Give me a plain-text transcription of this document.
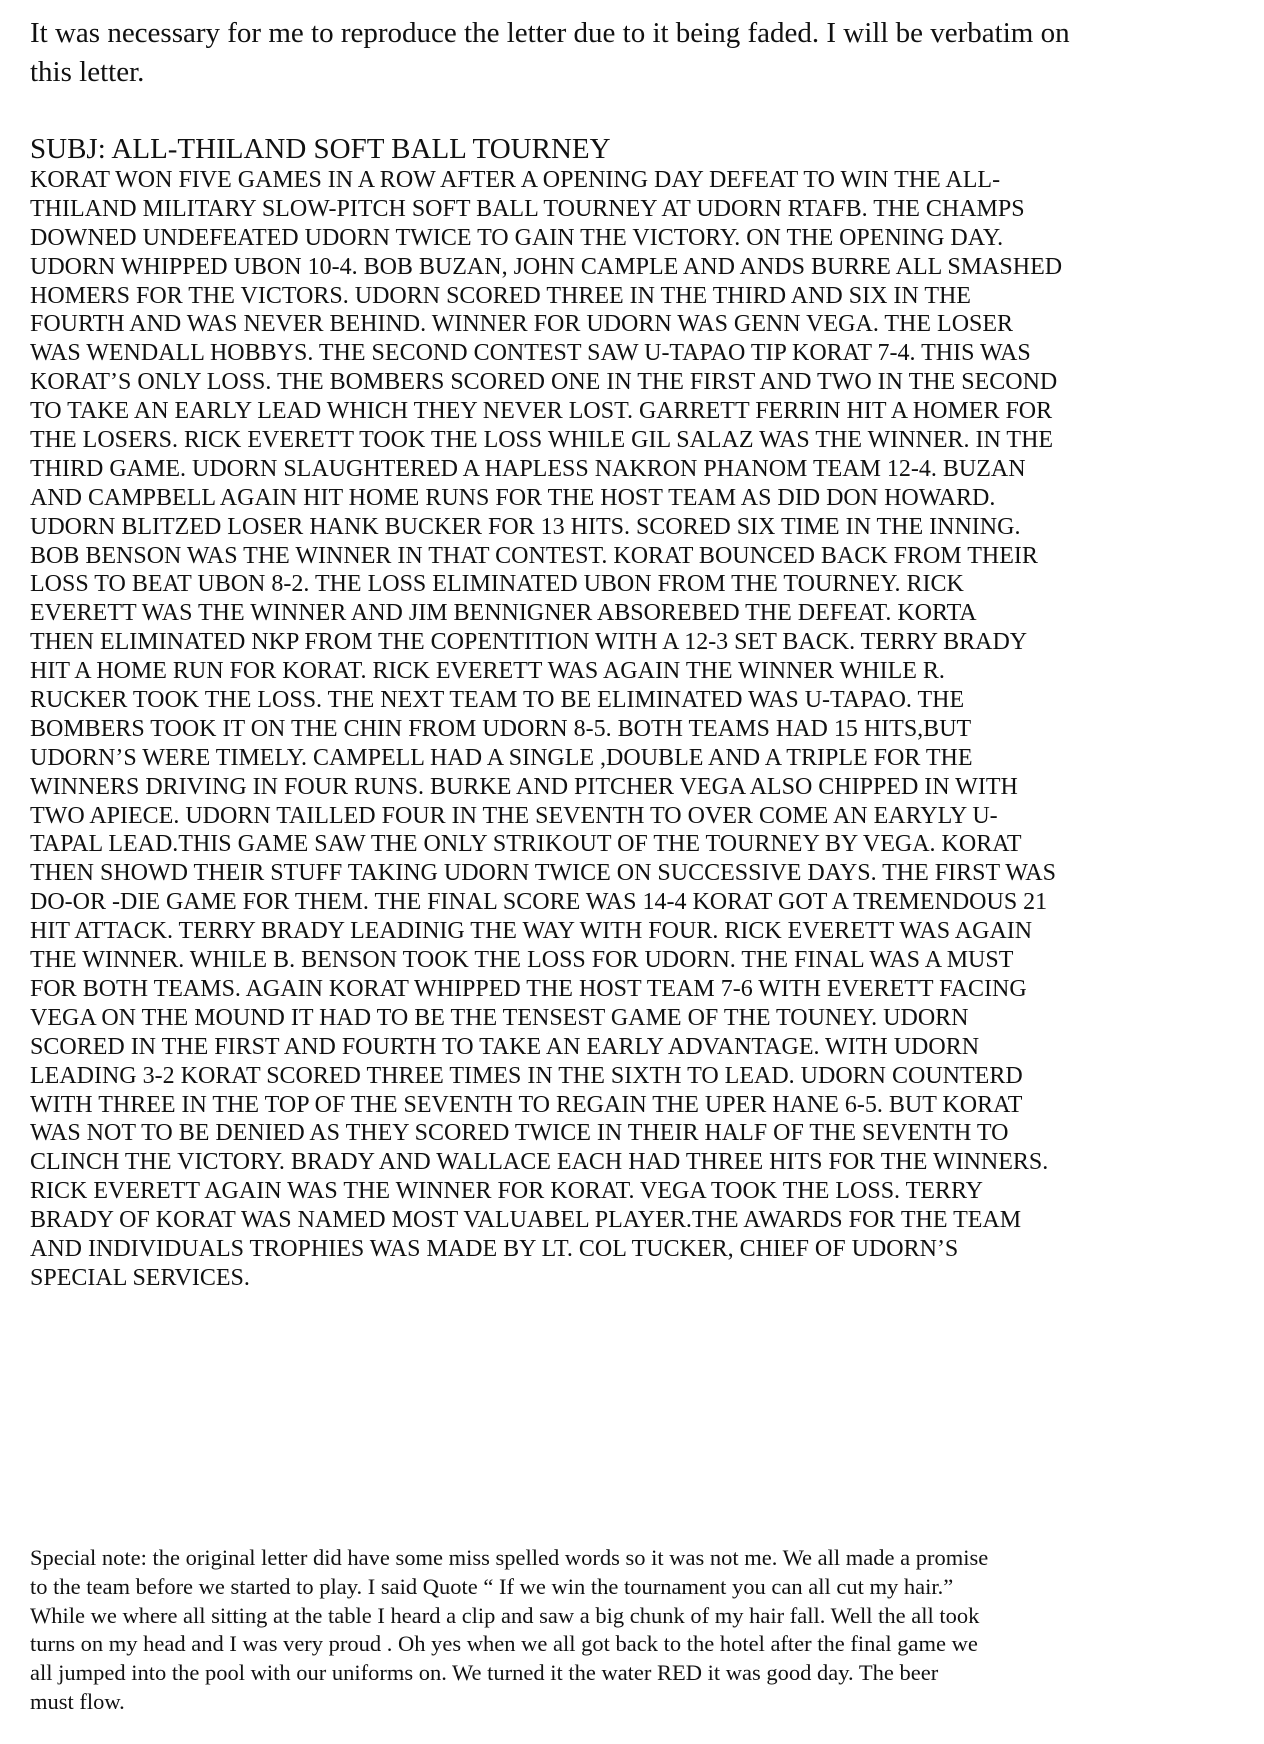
It was necessary for me to reproduce the letter due to it being faded. I will be verbatim on
this letter.

SUBJ: ALL-THILAND SOFT BALL TOURNEY

KORAT WON FIVE GAMES IN A ROW AFTER A OPENING DAY DEFEAT TO WIN THE ALL-
THILAND MILITARY SLOW-PITCH SOFT BALL TOURNEY AT UDORN RTAFB. THE CHAMPS
DOWNED UNDEFEATED UDORN TWICE TO GAIN THE VICTORY. ON THE OPENING DAY.
UDORN WHIPPED UBON 10-4. BOB BUZAN, JOHN CAMPLE AND ANDS BURRE ALL SMASHED
HOMERS FOR THE VICTORS. UDORN SCORED THREE IN THE THIRD AND SIX IN THE
FOURTH AND WAS NEVER BEHIND. WINNER FOR UDORN WAS GENN VEGA. THE LOSER
WAS WENDALL HOBBYS. THE SECOND CONTEST SAW U-TAPAO TIP KORAT 7-4. THIS WAS
KORAT’S ONLY LOSS. THE BOMBERS SCORED ONE IN THE FIRST AND TWO IN THE SECOND
TO TAKE AN EARLY LEAD WHICH THEY NEVER LOST. GARRETT FERRIN HIT A HOMER FOR
THE LOSERS. RICK EVERETT TOOK THE LOSS WHILE GIL SALAZ WAS THE WINNER. IN THE
THIRD GAME. UDORN SLAUGHTERED A HAPLESS NAKRON PHANOM TEAM 12-4. BUZAN
AND CAMPBELL AGAIN HIT HOME RUNS FOR THE HOST TEAM AS DID DON HOWARD.
UDORN BLITZED LOSER HANK BUCKER FOR 13 HITS. SCORED SIX TIME IN THE INNING.
BOB BENSON WAS THE WINNER IN THAT CONTEST. KORAT BOUNCED BACK FROM THEIR
LOSS TO BEAT UBON 8-2. THE LOSS ELIMINATED UBON FROM THE TOURNEY. RICK
EVERETT WAS THE WINNER AND JIM BENNIGNER ABSOREBED THE DEFEAT. KORTA
THEN ELIMINATED NKP FROM THE COPENTITION WITH A 12-3 SET BACK. TERRY BRADY
HIT A HOME RUN FOR KORAT. RICK EVERETT WAS AGAIN THE WINNER WHILE R.
RUCKER TOOK THE LOSS. THE NEXT TEAM TO BE ELIMINATED WAS U-TAPAO. THE
BOMBERS TOOK IT ON THE CHIN FROM UDORN 8-5. BOTH TEAMS HAD 15 HITS,BUT
UDORN’S WERE TIMELY. CAMPELL HAD A SINGLE ,DOUBLE AND A TRIPLE FOR THE
WINNERS DRIVING IN FOUR RUNS. BURKE AND PITCHER VEGA ALSO CHIPPED IN WITH
TWO APIECE. UDORN TAILLED FOUR IN THE SEVENTH TO OVER COME AN EARYLY U-
TAPAL LEAD.THIS GAME SAW THE ONLY STRIKOUT OF THE TOURNEY BY VEGA. KORAT
THEN SHOWD THEIR STUFF TAKING UDORN TWICE ON SUCCESSIVE DAYS. THE FIRST WAS
DO-OR -DIE GAME FOR THEM. THE FINAL SCORE WAS 14-4 KORAT GOT A TREMENDOUS 21
HIT ATTACK. TERRY BRADY LEADINIG THE WAY WITH FOUR. RICK EVERETT WAS AGAIN
THE WINNER. WHILE B. BENSON TOOK THE LOSS FOR UDORN. THE FINAL WAS A MUST
FOR BOTH TEAMS. AGAIN KORAT WHIPPED THE HOST TEAM 7-6 WITH EVERETT FACING
VEGA ON THE MOUND IT HAD TO BE THE TENSEST GAME OF THE TOUNEY. UDORN
SCORED IN THE FIRST AND FOURTH TO TAKE AN EARLY ADVANTAGE. WITH UDORN
LEADING 3-2 KORAT SCORED THREE TIMES IN THE SIXTH TO LEAD. UDORN COUNTERD
WITH THREE IN THE TOP OF THE SEVENTH TO REGAIN THE UPER HANE 6-5. BUT KORAT
WAS NOT TO BE DENIED AS THEY SCORED TWICE IN THEIR HALF OF THE SEVENTH TO
CLINCH THE VICTORY. BRADY AND WALLACE EACH HAD THREE HITS FOR THE WINNERS.
RICK EVERETT AGAIN WAS THE WINNER FOR KORAT. VEGA TOOK THE LOSS. TERRY
BRADY OF KORAT WAS NAMED MOST VALUABEL PLAYER.THE AWARDS FOR THE TEAM
AND INDIVIDUALS TROPHIES WAS MADE BY LT. COL TUCKER, CHIEF OF UDORN’S
SPECIAL SERVICES.
Special note: the original letter did have some miss spelled words so it was not me. We all made a promise
to the team before we started to play. I said Quote “ If we win the tournament you can all cut my hair.”
While we where all sitting at the table I heard a clip and saw a big chunk of my hair fall. Well the all took
turns on my head and I was very proud . Oh yes when we all got back to the hotel after the final game we
all jumped into the pool with our uniforms on. We turned it the water RED it was good day. The beer
must flow.
